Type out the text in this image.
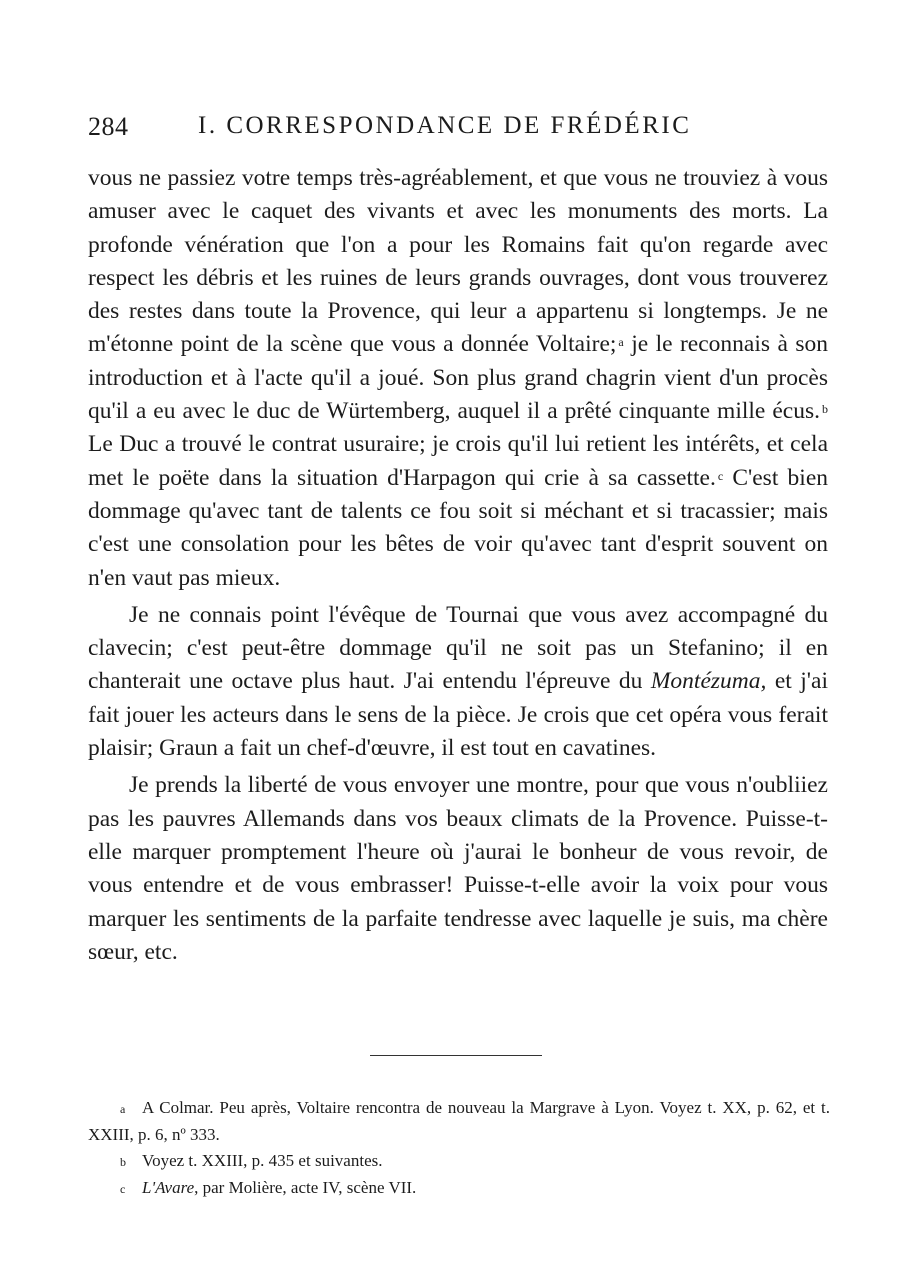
284	I. CORRESPONDANCE DE FRÉDÉRIC

vous ne passiez votre temps très-agréablement, et que vous ne trouviez à vous amuser avec le caquet des vivants et avec les monuments des morts. La profonde vénération que l'on a pour les Romains fait qu'on regarde avec respect les débris et les ruines de leurs grands ouvrages, dont vous trouverez des restes dans toute la Provence, qui leur a appartenu si longtemps. Je ne m'étonne point de la scène que vous a donnée Voltaire; $^a$ je le reconnais à son introduction et à l'acte qu'il a joué. Son plus grand chagrin vient d'un procès qu'il a eu avec le duc de Würtemberg, auquel il a prêté cinquante mille écus. $^b$ Le Duc a trouvé le contrat usuraire; je crois qu'il lui retient les intérêts, et cela met le poëte dans la situation d'Harpagon qui crie à sa cassette. $^c$ C'est bien dommage qu'avec tant de talents ce fou soit si méchant et si tracassier; mais c'est une consolation pour les bêtes de voir qu'avec tant d'esprit souvent on n'en vaut pas mieux.

Je ne connais point l'évêque de Tournai que vous avez accompagné du clavecin; c'est peut-être dommage qu'il ne soit pas un Stefanino; il en chanterait une octave plus haut. J'ai entendu l'épreuve du Montézuma, et j'ai fait jouer les acteurs dans le sens de la pièce. Je crois que cet opéra vous ferait plaisir; Graun a fait un chef-d'œuvre, il est tout en cavatines.

Je prends la liberté de vous envoyer une montre, pour que vous n'oubliiez pas les pauvres Allemands dans vos beaux climats de la Provence. Puisse-t-elle marquer promptement l'heure où j'aurai le bonheur de vous revoir, de vous entendre et de vous embrasser! Puisse-t-elle avoir la voix pour vous marquer les sentiments de la parfaite tendresse avec laquelle je suis, ma chère sœur, etc.

a A Colmar. Peu après, Voltaire rencontra de nouveau la Margrave à Lyon. Voyez t. XX, p. 62, et t. XXIII, p. 6, nº 333.

b Voyez t. XXIII, p. 435 et suivantes.

c L'Avare, par Molière, acte IV, scène VII.
